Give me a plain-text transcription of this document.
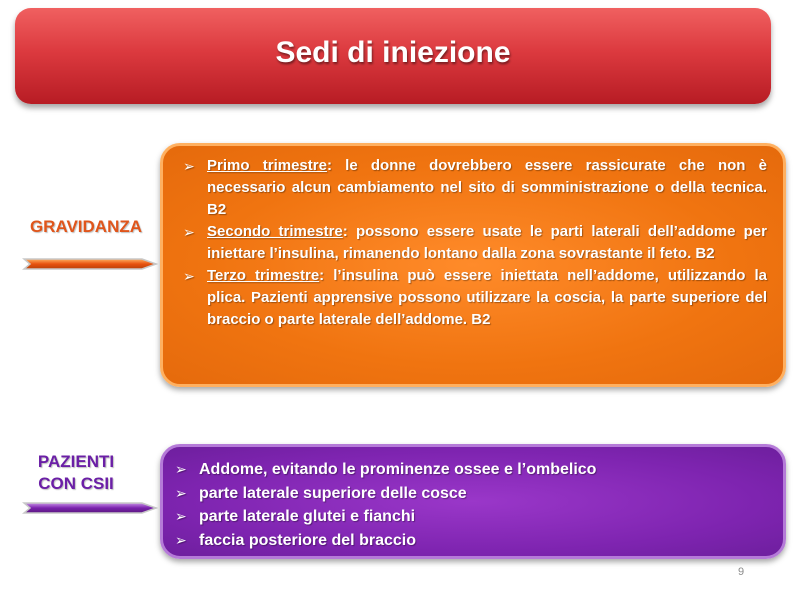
Sedi di iniezione
GRAVIDANZA
➢ Primo trimestre: le donne dovrebbero essere rassicurate che non è necessario alcun cambiamento nel sito di somministrazione o della tecnica. B2
➢ Secondo trimestre: possono essere usate le parti laterali dell’addome per iniettare l’insulina, rimanendo lontano dalla zona sovrastante il feto. B2
➢ Terzo trimestre: l’insulina può essere iniettata nell’addome, utilizzando la plica. Pazienti apprensive possono utilizzare la coscia, la parte superiore del braccio o parte laterale dell’addome. B2
PAZIENTI
CON CSII
➢ Addome, evitando le prominenze ossee e l’ombelico
➢ parte laterale superiore delle cosce
➢ parte laterale glutei e fianchi
➢ faccia posteriore del braccio
9
